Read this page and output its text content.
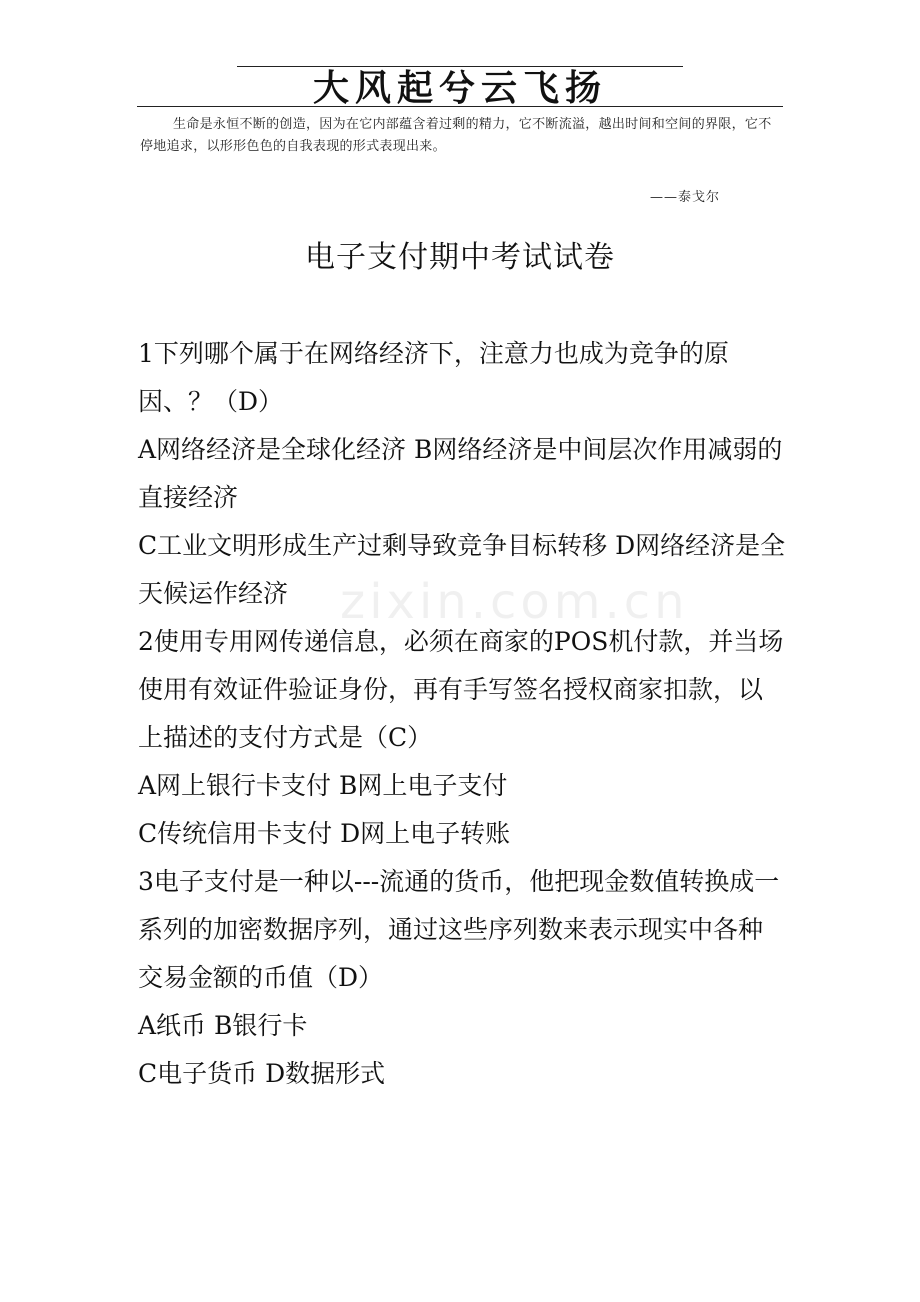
大风起兮云飞扬
生命是永恒不断的创造，因为在它内部蕴含着过剩的精力，它不断流溢，越出时间和空间的界限，它不停地追求，以形形色色的自我表现的形式表现出来。
——泰戈尔
电子支付期中考试试卷
zixin.com.cn

1下列哪个属于在网络经济下，注意力也成为竞争的原因、？（D）

A网络经济是全球化经济 B网络经济是中间层次作用减弱的直接经济

C工业文明形成生产过剩导致竞争目标转移 D网络经济是全天候运作经济

2使用专用网传递信息，必须在商家的POS机付款，并当场使用有效证件验证身份，再有手写签名授权商家扣款，以上描述的支付方式是（C）

A网上银行卡支付 B网上电子支付

C传统信用卡支付 D网上电子转账

3电子支付是一种以---流通的货币，他把现金数值转换成一系列的加密数据序列，通过这些序列数来表示现实中各种交易金额的币值（D）

A纸币 B银行卡

C电子货币 D数据形式
